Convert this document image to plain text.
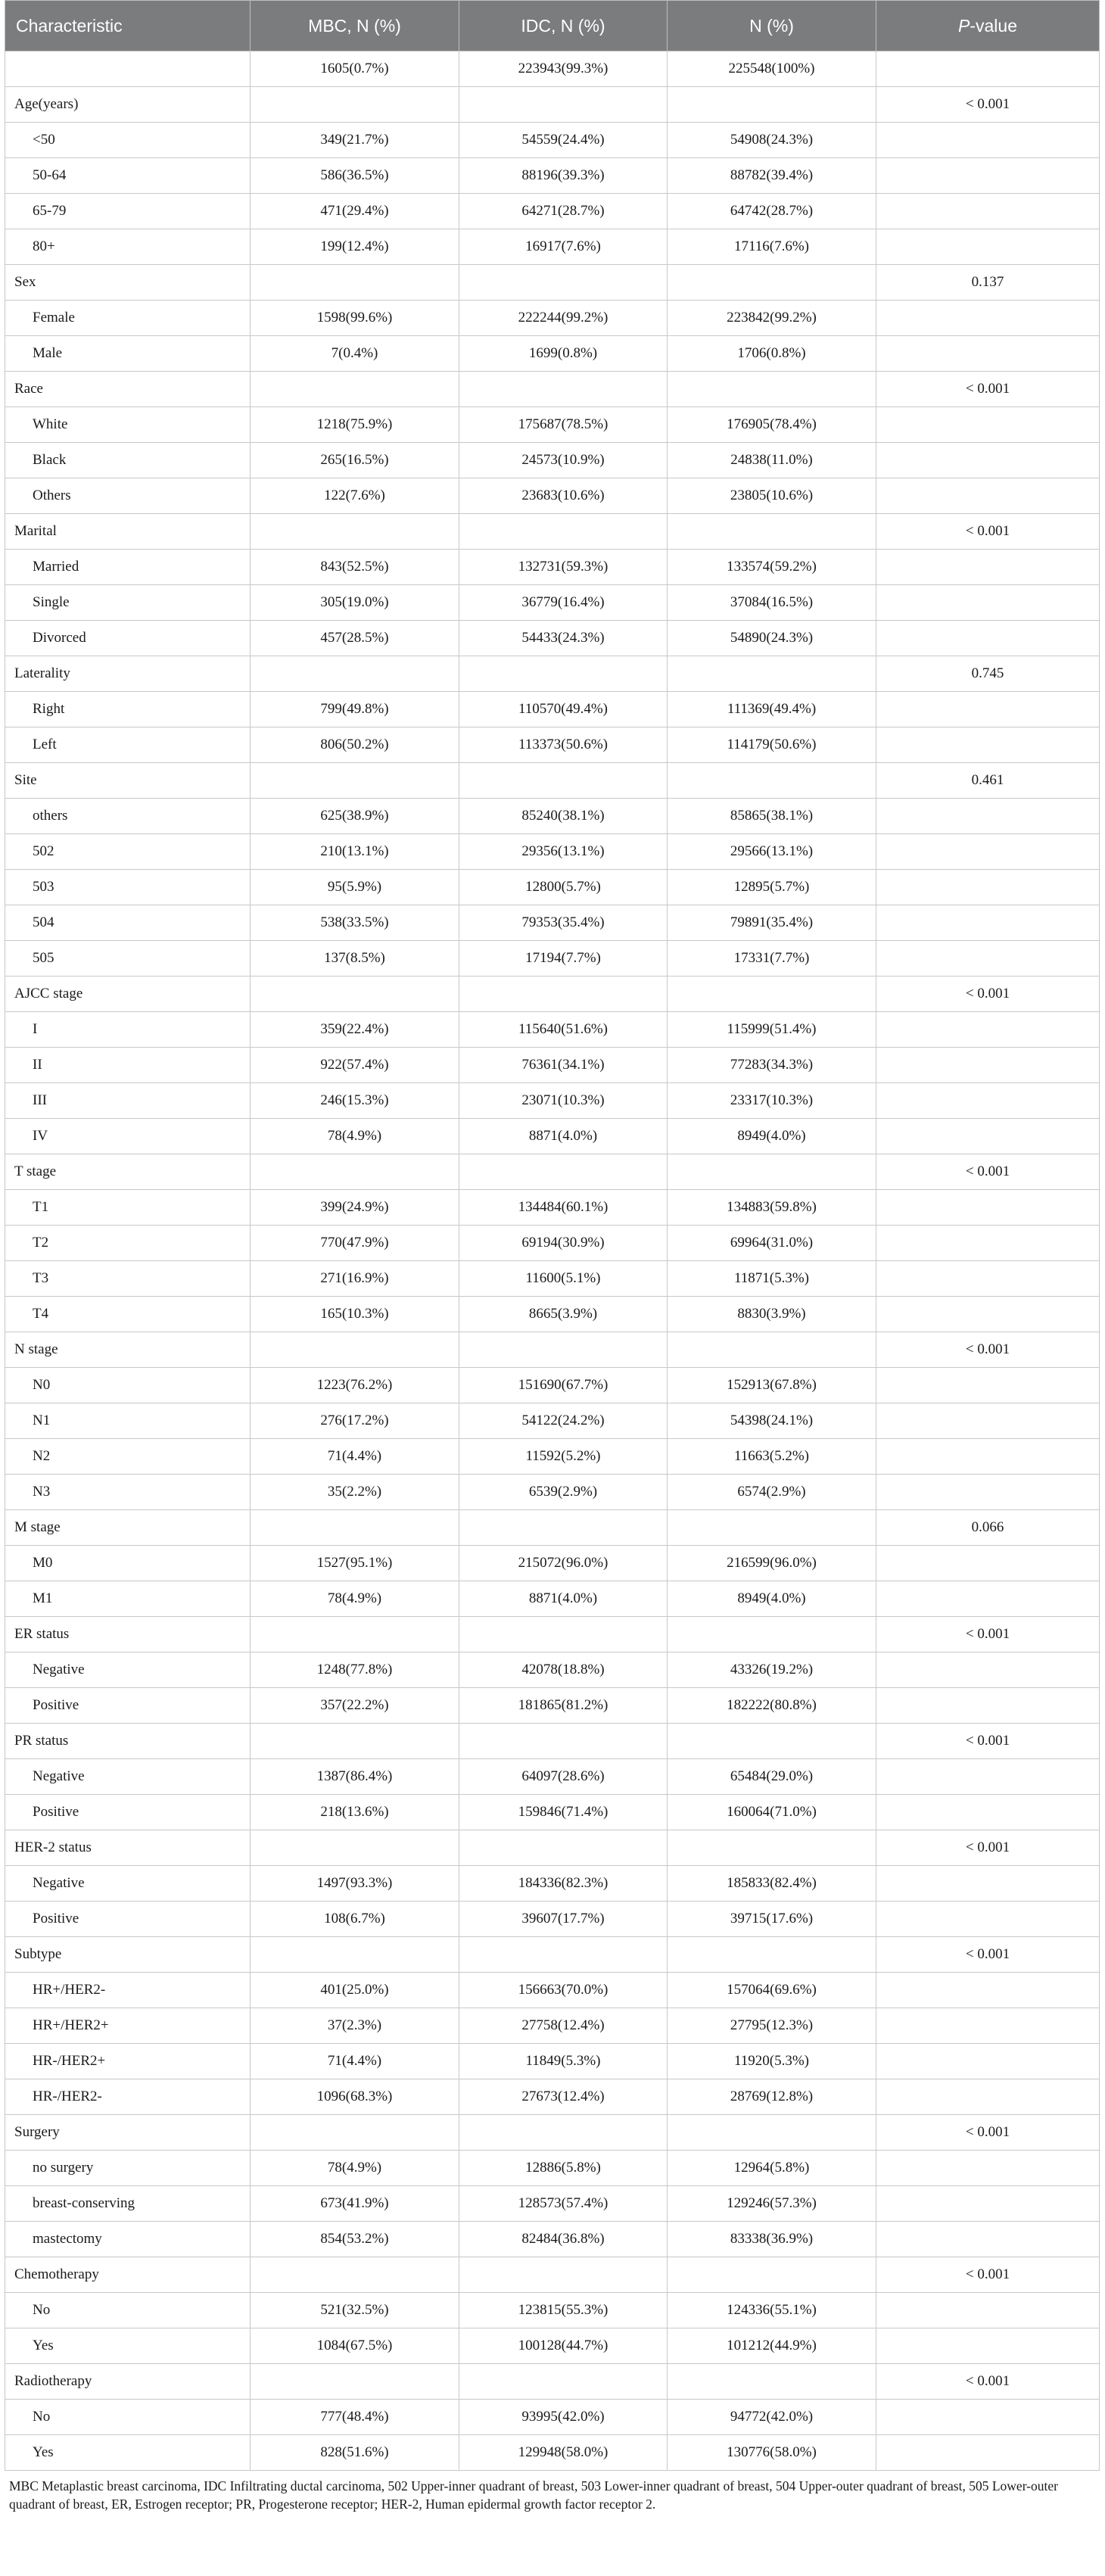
Characteristic	MBC, N (%)	IDC, N (%)	N (%)	P-value
	1605(0.7%)	223943(99.3%)	225548(100%)	
Age(years)				< 0.001
<50	349(21.7%)	54559(24.4%)	54908(24.3%)	
50-64	586(36.5%)	88196(39.3%)	88782(39.4%)	
65-79	471(29.4%)	64271(28.7%)	64742(28.7%)	
80+	199(12.4%)	16917(7.6%)	17116(7.6%)	
Sex				0.137
Female	1598(99.6%)	222244(99.2%)	223842(99.2%)	
Male	7(0.4%)	1699(0.8%)	1706(0.8%)	
Race				< 0.001
White	1218(75.9%)	175687(78.5%)	176905(78.4%)	
Black	265(16.5%)	24573(10.9%)	24838(11.0%)	
Others	122(7.6%)	23683(10.6%)	23805(10.6%)	
Marital				< 0.001
Married	843(52.5%)	132731(59.3%)	133574(59.2%)	
Single	305(19.0%)	36779(16.4%)	37084(16.5%)	
Divorced	457(28.5%)	54433(24.3%)	54890(24.3%)	
Laterality				0.745
Right	799(49.8%)	110570(49.4%)	111369(49.4%)	
Left	806(50.2%)	113373(50.6%)	114179(50.6%)	
Site				0.461
others	625(38.9%)	85240(38.1%)	85865(38.1%)	
502	210(13.1%)	29356(13.1%)	29566(13.1%)	
503	95(5.9%)	12800(5.7%)	12895(5.7%)	
504	538(33.5%)	79353(35.4%)	79891(35.4%)	
505	137(8.5%)	17194(7.7%)	17331(7.7%)	
AJCC stage				< 0.001
I	359(22.4%)	115640(51.6%)	115999(51.4%)	
II	922(57.4%)	76361(34.1%)	77283(34.3%)	
III	246(15.3%)	23071(10.3%)	23317(10.3%)	
IV	78(4.9%)	8871(4.0%)	8949(4.0%)	
T stage				< 0.001
T1	399(24.9%)	134484(60.1%)	134883(59.8%)	
T2	770(47.9%)	69194(30.9%)	69964(31.0%)	
T3	271(16.9%)	11600(5.1%)	11871(5.3%)	
T4	165(10.3%)	8665(3.9%)	8830(3.9%)	
N stage				< 0.001
N0	1223(76.2%)	151690(67.7%)	152913(67.8%)	
N1	276(17.2%)	54122(24.2%)	54398(24.1%)	
N2	71(4.4%)	11592(5.2%)	11663(5.2%)	
N3	35(2.2%)	6539(2.9%)	6574(2.9%)	
M stage				0.066
M0	1527(95.1%)	215072(96.0%)	216599(96.0%)	
M1	78(4.9%)	8871(4.0%)	8949(4.0%)	
ER status				< 0.001
Negative	1248(77.8%)	42078(18.8%)	43326(19.2%)	
Positive	357(22.2%)	181865(81.2%)	182222(80.8%)	
PR status				< 0.001
Negative	1387(86.4%)	64097(28.6%)	65484(29.0%)	
Positive	218(13.6%)	159846(71.4%)	160064(71.0%)	
HER-2 status				< 0.001
Negative	1497(93.3%)	184336(82.3%)	185833(82.4%)	
Positive	108(6.7%)	39607(17.7%)	39715(17.6%)	
Subtype				< 0.001
HR+/HER2-	401(25.0%)	156663(70.0%)	157064(69.6%)	
HR+/HER2+	37(2.3%)	27758(12.4%)	27795(12.3%)	
HR-/HER2+	71(4.4%)	11849(5.3%)	11920(5.3%)	
HR-/HER2-	1096(68.3%)	27673(12.4%)	28769(12.8%)	
Surgery				< 0.001
no surgery	78(4.9%)	12886(5.8%)	12964(5.8%)	
breast-conserving	673(41.9%)	128573(57.4%)	129246(57.3%)	
mastectomy	854(53.2%)	82484(36.8%)	83338(36.9%)	
Chemotherapy				< 0.001
No	521(32.5%)	123815(55.3%)	124336(55.1%)	
Yes	1084(67.5%)	100128(44.7%)	101212(44.9%)	
Radiotherapy				< 0.001
No	777(48.4%)	93995(42.0%)	94772(42.0%)	
Yes	828(51.6%)	129948(58.0%)	130776(58.0%)	
MBC Metaplastic breast carcinoma, IDC Infiltrating ductal carcinoma, 502 Upper-inner quadrant of breast, 503 Lower-inner quadrant of breast, 504 Upper-outer quadrant of breast, 505 Lower-outer quadrant of breast, ER, Estrogen receptor; PR, Progesterone receptor; HER-2, Human epidermal growth factor receptor 2.
